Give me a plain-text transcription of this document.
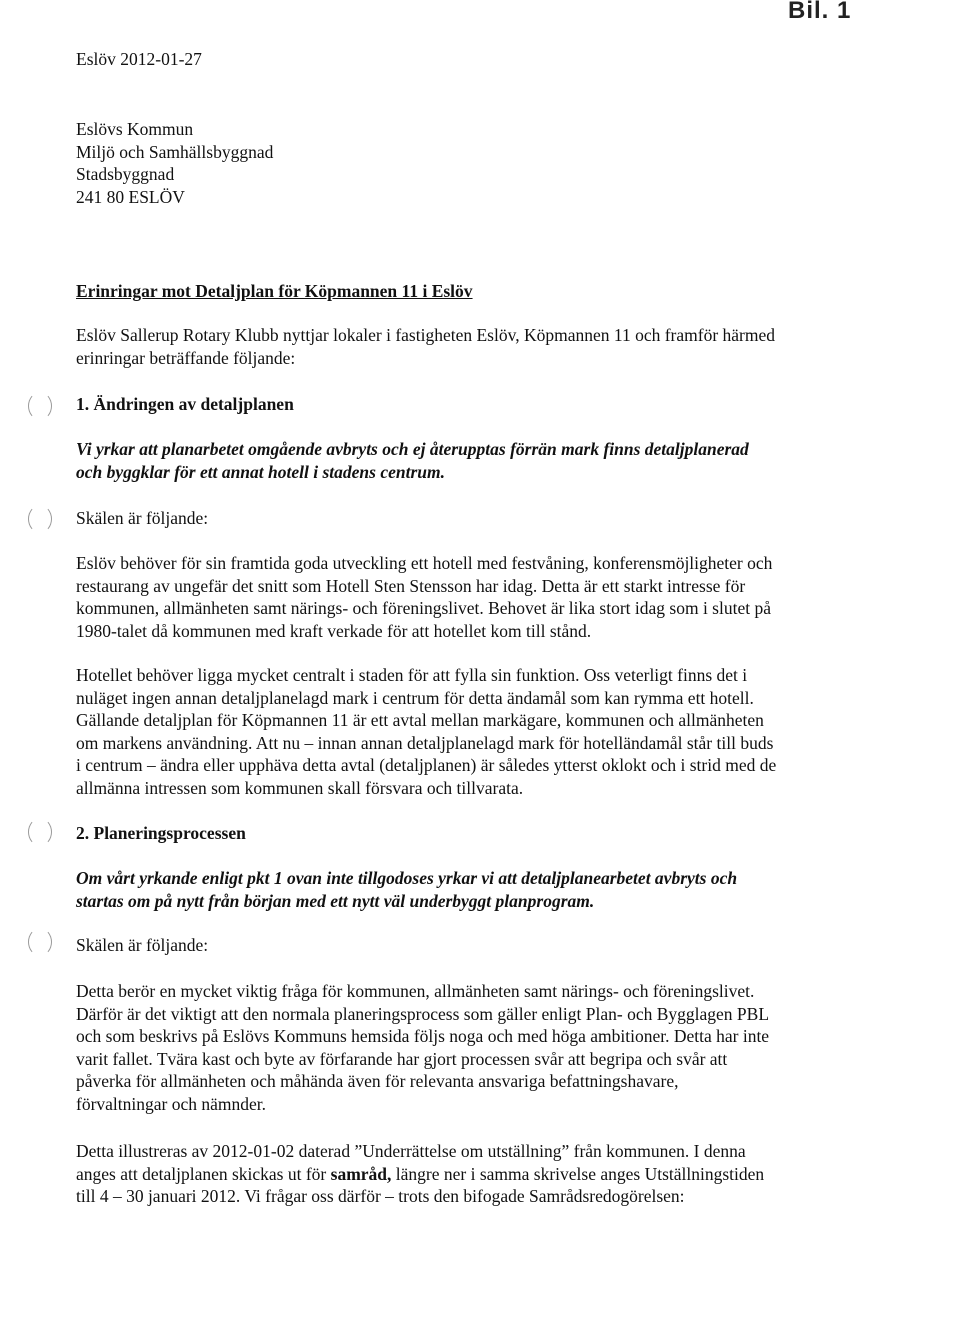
Bil. 1
Eslöv 2012-01-27
Eslövs Kommun
Miljö och Samhällsbyggnad
Stadsbyggnad
241 80 ESLÖV
Erinringar mot Detaljplan för Köpmannen 11 i Eslöv
Eslöv Sallerup Rotary Klubb nyttjar lokaler i fastigheten Eslöv, Köpmannen 11 och framför härmed
erinringar beträffande följande:
1. Ändringen av detaljplanen
Vi yrkar att planarbetet omgående avbryts och ej återupptas förrän mark finns detaljplanerad
och byggklar för ett annat hotell i stadens centrum.
Skälen är följande:
Eslöv behöver för sin framtida goda utveckling ett hotell med festvåning, konferensmöjligheter och
restaurang av ungefär det snitt som Hotell Sten Stensson har idag. Detta är ett starkt intresse för
kommunen, allmänheten samt närings- och föreningslivet. Behovet är lika stort idag som i slutet på
1980-talet då kommunen med kraft verkade för att hotellet kom till stånd.
Hotellet behöver ligga mycket centralt i staden för att fylla sin funktion. Oss veterligt finns det i
nuläget ingen annan detaljplanelagd mark i centrum för detta ändamål som kan rymma ett hotell.
Gällande detaljplan för Köpmannen 11 är ett avtal mellan markägare, kommunen och allmänheten
om markens användning. Att nu – innan annan detaljplanelagd mark för hotelländamål står till buds
i centrum – ändra eller upphäva detta avtal (detaljplanen) är således ytterst oklokt och i strid med de
allmänna intressen som kommunen skall försvara och tillvarata.
2. Planeringsprocessen
Om vårt yrkande enligt pkt 1 ovan inte tillgodoses yrkar vi att detaljplanearbetet avbryts och
startas om på nytt från början med ett nytt väl underbyggt planprogram.
Skälen är följande:
Detta berör en mycket viktig fråga för kommunen, allmänheten samt närings- och föreningslivet.
Därför är det viktigt att den normala planeringsprocess som gäller enligt Plan- och Bygglagen PBL
och som beskrivs på Eslövs Kommuns hemsida följs noga och med höga ambitioner. Detta har inte
varit fallet. Tvära kast och byte av förfarande har gjort processen svår att begripa och svår att
påverka för allmänheten och måhända även för relevanta ansvariga befattningshavare,
förvaltningar och nämnder.
Detta illustreras av 2012-01-02 daterad ”Underrättelse om utställning” från kommunen. I denna
anges att detaljplanen skickas ut för samråd, längre ner i samma skrivelse anges Utställningstiden
till 4 – 30 januari 2012. Vi frågar oss därför – trots den bifogade Samrådsredogörelsen:
